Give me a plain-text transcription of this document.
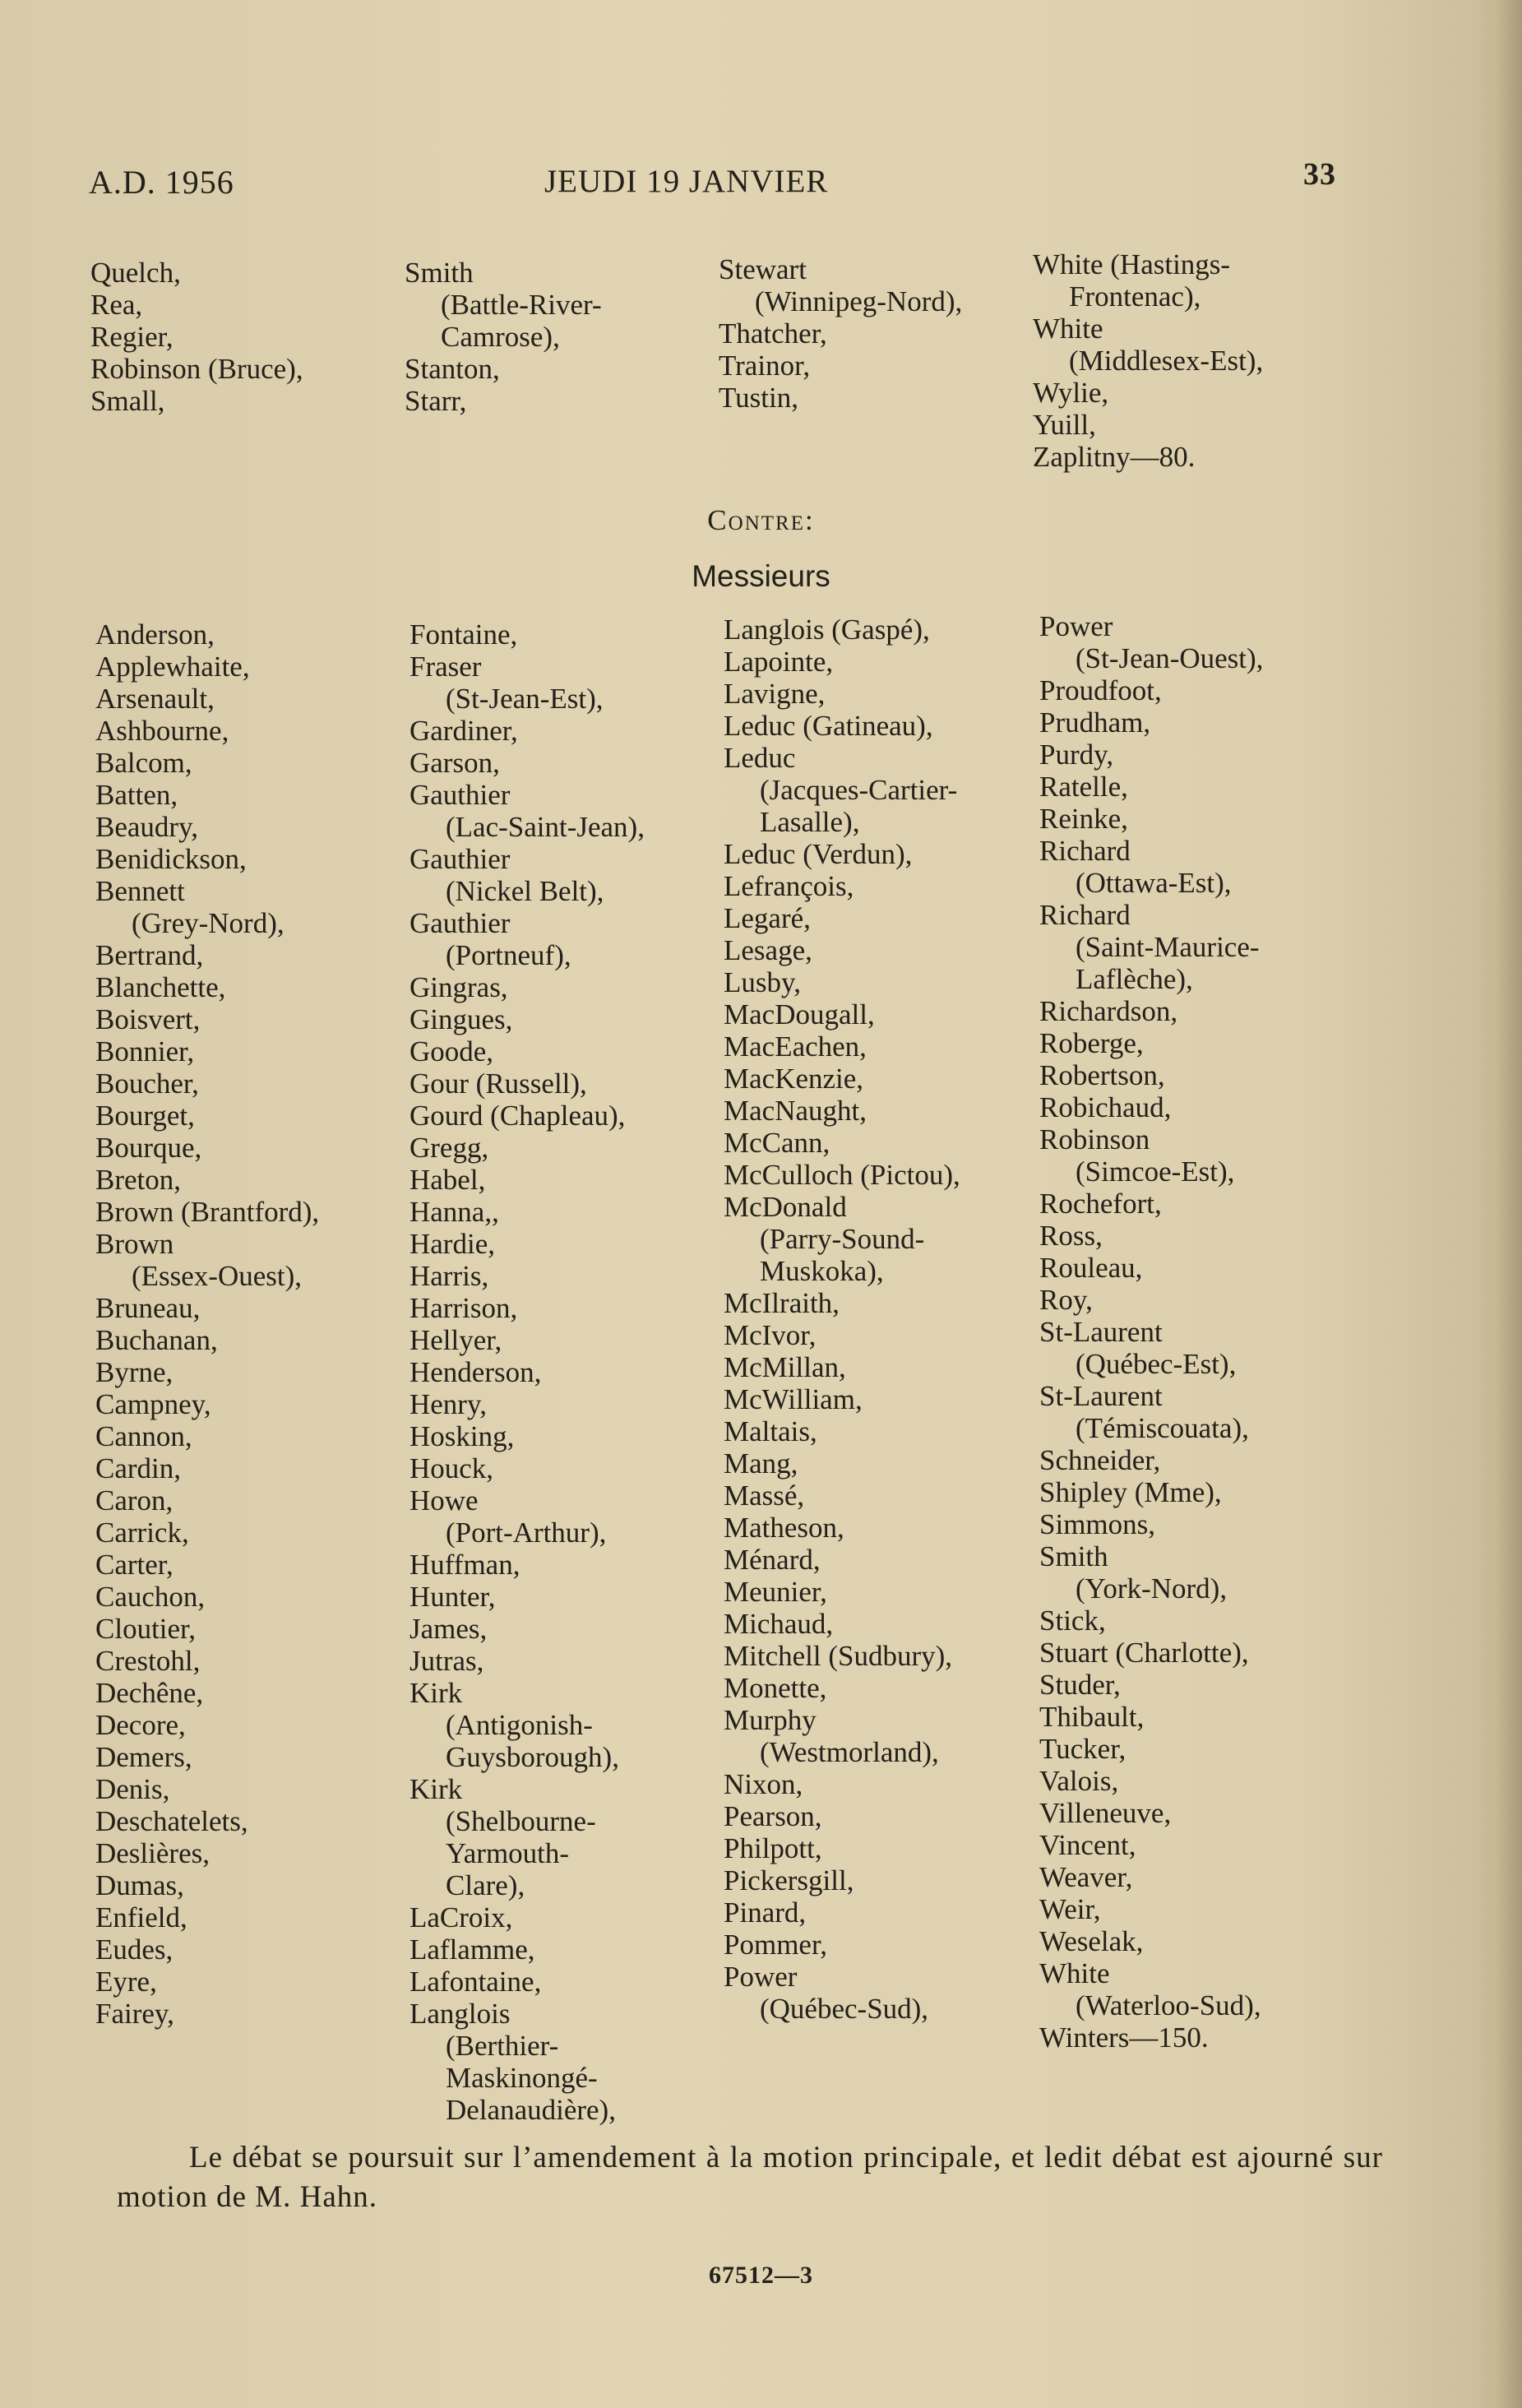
A.D. 1956	JEUDI 19 JANVIER	33
Quelch,
Rea,
Regier,
Robinson (Bruce),
Small,
Smith
(Battle-River-
Camrose),
Stanton,
Starr,
Stewart
(Winnipeg-Nord),
Thatcher,
Trainor,
Tustin,
White (Hastings-
Frontenac),
White
(Middlesex-Est),
Wylie,
Yuill,
Zaplitny—80.
Contre:
Messieurs
Anderson,
Applewhaite,
Arsenault,
Ashbourne,
Balcom,
Batten,
Beaudry,
Benidickson,
Bennett
(Grey-Nord),
Bertrand,
Blanchette,
Boisvert,
Bonnier,
Boucher,
Bourget,
Bourque,
Breton,
Brown (Brantford),
Brown
(Essex-Ouest),
Bruneau,
Buchanan,
Byrne,
Campney,
Cannon,
Cardin,
Caron,
Carrick,
Carter,
Cauchon,
Cloutier,
Crestohl,
Dechêne,
Decore,
Demers,
Denis,
Deschatelets,
Deslières,
Dumas,
Enfield,
Eudes,
Eyre,
Fairey,
Fontaine,
Fraser
(St-Jean-Est),
Gardiner,
Garson,
Gauthier
(Lac-Saint-Jean),
Gauthier
(Nickel Belt),
Gauthier
(Portneuf),
Gingras,
Gingues,
Goode,
Gour (Russell),
Gourd (Chapleau),
Gregg,
Habel,
Hanna,,
Hardie,
Harris,
Harrison,
Hellyer,
Henderson,
Henry,
Hosking,
Houck,
Howe
(Port-Arthur),
Huffman,
Hunter,
James,
Jutras,
Kirk
(Antigonish-
Guysborough),
Kirk
(Shelbourne-
Yarmouth-
Clare),
LaCroix,
Laflamme,
Lafontaine,
Langlois
(Berthier-
Maskinongé-
Delanaudière),
Langlois (Gaspé),
Lapointe,
Lavigne,
Leduc (Gatineau),
Leduc
(Jacques-Cartier-
Lasalle),
Leduc (Verdun),
Lefrançois,
Legaré,
Lesage,
Lusby,
MacDougall,
MacEachen,
MacKenzie,
MacNaught,
McCann,
McCulloch (Pictou),
McDonald
(Parry-Sound-
Muskoka),
McIlraith,
McIvor,
McMillan,
McWilliam,
Maltais,
Mang,
Massé,
Matheson,
Ménard,
Meunier,
Michaud,
Mitchell (Sudbury),
Monette,
Murphy
(Westmorland),
Nixon,
Pearson,
Philpott,
Pickersgill,
Pinard,
Pommer,
Power
(Québec-Sud),
Power
(St-Jean-Ouest),
Proudfoot,
Prudham,
Purdy,
Ratelle,
Reinke,
Richard
(Ottawa-Est),
Richard
(Saint-Maurice-
Laflèche),
Richardson,
Roberge,
Robertson,
Robichaud,
Robinson
(Simcoe-Est),
Rochefort,
Ross,
Rouleau,
Roy,
St-Laurent
(Québec-Est),
St-Laurent
(Témiscouata),
Schneider,
Shipley (Mme),
Simmons,
Smith
(York-Nord),
Stick,
Stuart (Charlotte),
Studer,
Thibault,
Tucker,
Valois,
Villeneuve,
Vincent,
Weaver,
Weir,
Weselak,
White
(Waterloo-Sud),
Winters—150.
Le débat se poursuit sur l’amendement à la motion principale, et ledit débat est ajourné sur motion de M. Hahn.
67512—3
